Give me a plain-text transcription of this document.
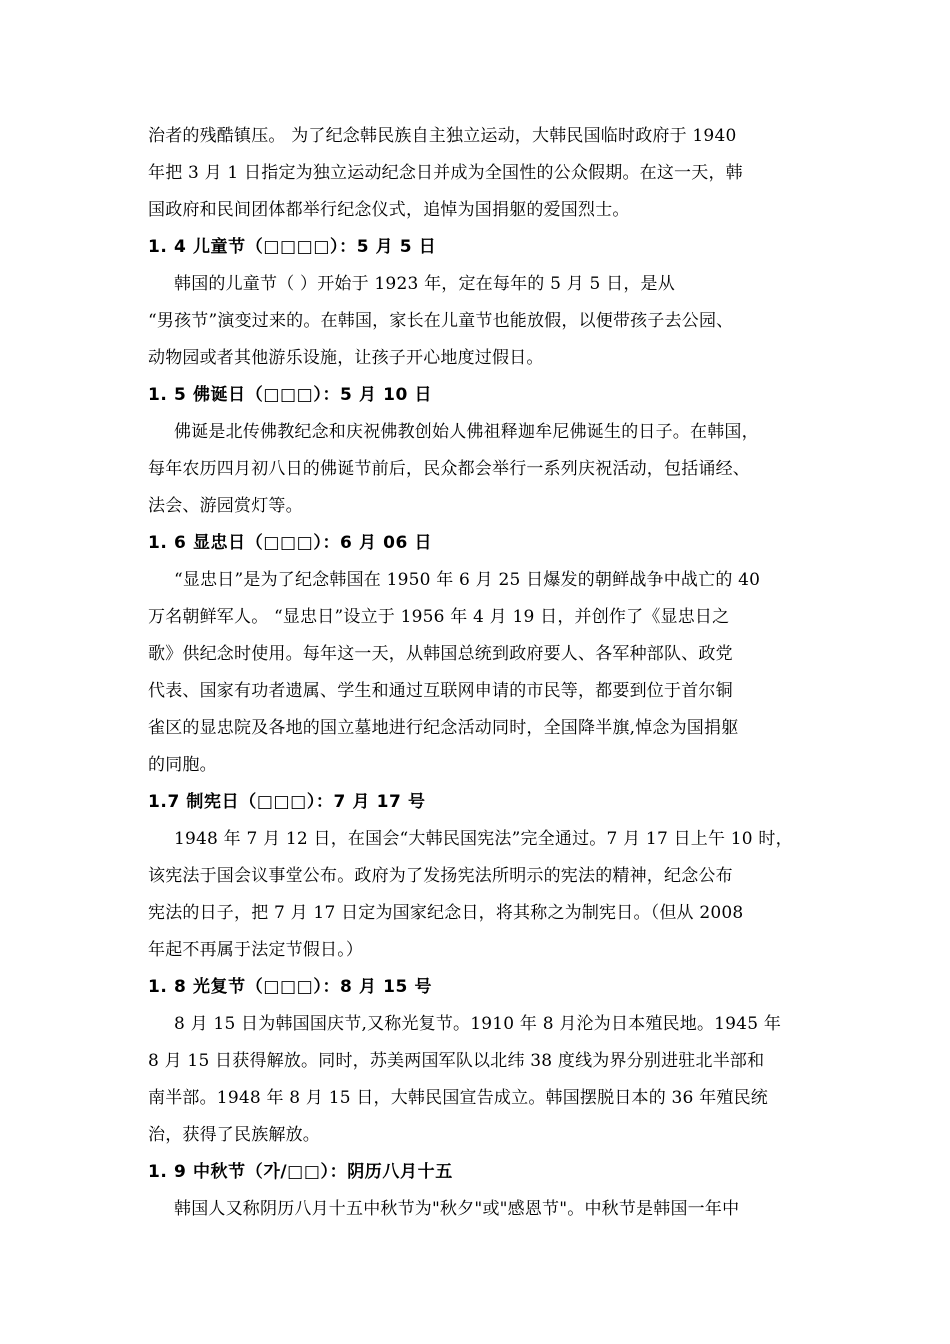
治者的残酷镇压。 为了纪念韩民族自主独立运动，大韩民国临时政府于 1940

年把 3 月 1 日指定为独立运动纪念日并成为全国性的公众假期。在这一天，韩

国政府和民间团体都举行纪念仪式，追悼为国捐躯的爱国烈士。

1. 4 儿童节（□□□□）：5 月 5 日

韩国的儿童节（ ）开始于 1923 年，定在每年的 5 月 5 日，是从

“男孩节”演变过来的。在韩国，家长在儿童节也能放假，以便带孩子去公园、

动物园或者其他游乐设施，让孩子开心地度过假日。

1. 5 佛诞日（□□□）：5 月 10 日

佛诞是北传佛教纪念和庆祝佛教创始人佛祖释迦牟尼佛诞生的日子。在韩国，

每年农历四月初八日的佛诞节前后，民众都会举行一系列庆祝活动，包括诵经、

法会、游园赏灯等。

1. 6 显忠日（□□□）：6 月 06 日

“显忠日”是为了纪念韩国在 1950 年 6 月 25 日爆发的朝鲜战争中战亡的 40

万名朝鲜军人。 “显忠日”设立于 1956 年 4 月 19 日，并创作了《显忠日之

歌》供纪念时使用。每年这一天，从韩国总统到政府要人、各军种部队、政党

代表、国家有功者遗属、学生和通过互联网申请的市民等，都要到位于首尔铜

雀区的显忠院及各地的国立墓地进行纪念活动同时，全国降半旗,悼念为国捐躯

的同胞。

1.7 制宪日（□□□）：7 月 17 号

1948 年 7 月 12 日，在国会“大韩民国宪法”完全通过。7 月 17 日上午 10 时，

该宪法于国会议事堂公布。政府为了发扬宪法所明示的宪法的精神，纪念公布

宪法的日子，把 7 月 17 日定为国家纪念日，将其称之为制宪日。（但从 2008

年起不再属于法定节假日。）

1. 8 光复节（□□□）：8 月 15 号

8 月 15 日为韩国国庆节,又称光复节。1910 年 8 月沦为日本殖民地。1945 年

8 月 15 日获得解放。同时，苏美两国军队以北纬 38 度线为界分别进驻北半部和

南半部。1948 年 8 月 15 日，大韩民国宣告成立。韩国摆脱日本的 36 年殖民统

治，获得了民族解放。

1. 9 中秋节（가/□□）：阴历八月十五

韩国人又称阴历八月十五中秋节为"秋夕"或"感恩节"。中秋节是韩国一年中
